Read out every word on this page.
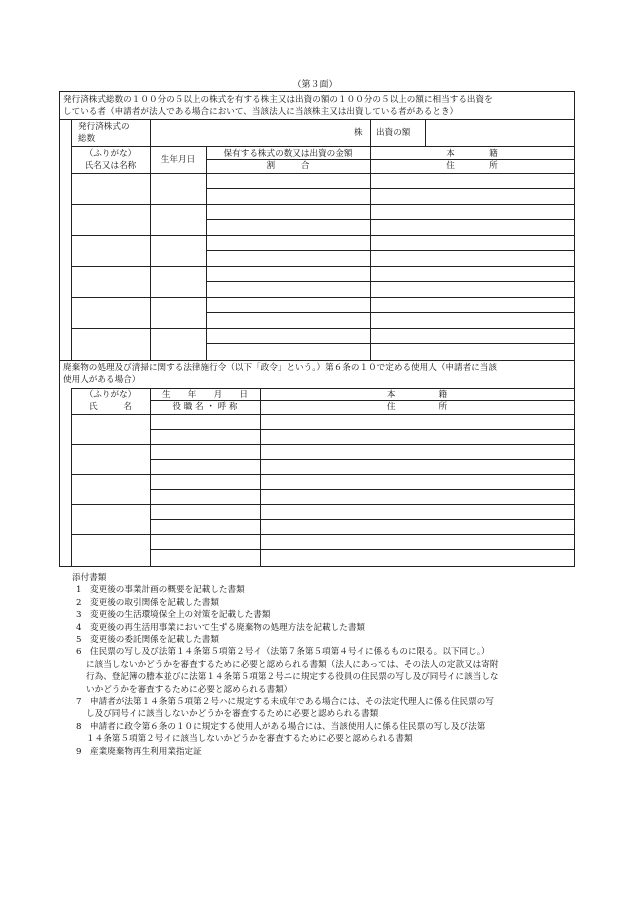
（第３面）
発行済株式総数の１００分の５以上の株式を有する株主又は出資の額の１００分の５以上の額に相当する出資を
している者（申請者が法人である場合において、当該法人に当該株主又は出資している者があるとき）
発行済株式の
総数
株 出資の額
（ふりがな）
氏名又は名称
生年月日
保有する株式の数又は出資の金額
割　　　合
本　　　　籍
住　　　　所
廃棄物の処理及び清掃に関する法律施行令（以下「政令」という。）第６条の１０で定める使用人（申請者に当該
使用人がある場合）
（ふりがな）
氏　　　名
生　　年　　月　　日
役 職 名 ・ 呼 称
本　　　　　籍
住　　　　　所
添付書類
1 変更後の事業計画の概要を記載した書類
2 変更後の取引関係を記載した書類
3 変更後の生活環境保全上の対策を記載した書類
4 変更後の再生活用事業において生ずる廃棄物の処理方法を記載した書類
5 変更後の委託関係を記載した書類
6 住民票の写し及び法第１４条第５項第２号イ（法第７条第５項第４号イに係るものに限る。以下同じ。）
に該当しないかどうかを審査するために必要と認められる書類（法人にあっては、その法人の定款又は寄附
行為、登記簿の謄本並びに法第１４条第５項第２号ニに規定する役員の住民票の写し及び同号イに該当しな
いかどうかを審査するために必要と認められる書類）
7 申請者が法第１４条第５項第２号ハに規定する未成年である場合には、その法定代理人に係る住民票の写
し及び同号イに該当しないかどうかを審査するために必要と認められる書類
8 申請者に政令第６条の１０に規定する使用人がある場合には、当該使用人に係る住民票の写し及び法第
１４条第５項第２号イに該当しないかどうかを審査するために必要と認められる書類
9 産業廃棄物再生利用業指定証
